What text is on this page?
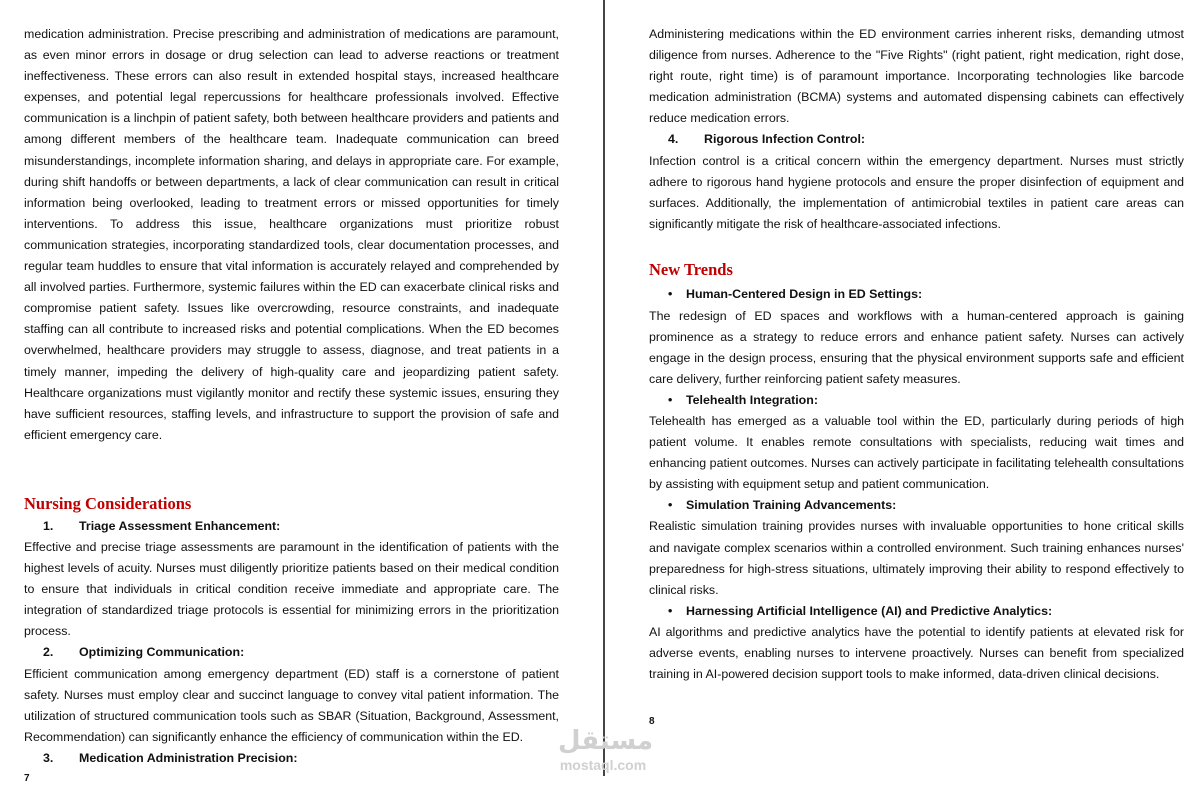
medication administration. Precise prescribing and administration of medications are paramount, as even minor errors in dosage or drug selection can lead to adverse reactions or treatment ineffectiveness. These errors can also result in extended hospital stays, increased healthcare expenses, and potential legal repercussions for healthcare professionals involved. Effective communication is a linchpin of patient safety, both between healthcare providers and patients and among different members of the healthcare team. Inadequate communication can breed misunderstandings, incomplete information sharing, and delays in appropriate care. For example, during shift handoffs or between departments, a lack of clear communication can result in critical information being overlooked, leading to treatment errors or missed opportunities for timely interventions. To address this issue, healthcare organizations must prioritize robust communication strategies, incorporating standardized tools, clear documentation processes, and regular team huddles to ensure that vital information is accurately relayed and comprehended by all involved parties. Furthermore, systemic failures within the ED can exacerbate clinical risks and compromise patient safety. Issues like overcrowding, resource constraints, and inadequate staffing can all contribute to increased risks and potential complications. When the ED becomes overwhelmed, healthcare providers may struggle to assess, diagnose, and treat patients in a timely manner, impeding the delivery of high-quality care and jeopardizing patient safety. Healthcare organizations must vigilantly monitor and rectify these systemic issues, ensuring they have sufficient resources, staffing levels, and infrastructure to support the provision of safe and efficient emergency care.

Nursing Considerations
1. Triage Assessment Enhancement:

Effective and precise triage assessments are paramount in the identification of patients with the highest levels of acuity. Nurses must diligently prioritize patients based on their medical condition to ensure that individuals in critical condition receive immediate and appropriate care. The integration of standardized triage protocols is essential for minimizing errors in the prioritization process.

2. Optimizing Communication:

Efficient communication among emergency department (ED) staff is a cornerstone of patient safety. Nurses must employ clear and succinct language to convey vital patient information. The utilization of structured communication tools such as SBAR (Situation, Background, Assessment, Recommendation) can significantly enhance the efficiency of communication within the ED.

3. Medication Administration Precision:
7

Administering medications within the ED environment carries inherent risks, demanding utmost diligence from nurses. Adherence to the "Five Rights" (right patient, right medication, right dose, right route, right time) is of paramount importance. Incorporating technologies like barcode medication administration (BCMA) systems and automated dispensing cabinets can effectively reduce medication errors.

4. Rigorous Infection Control:

Infection control is a critical concern within the emergency department. Nurses must strictly adhere to rigorous hand hygiene protocols and ensure the proper disinfection of equipment and surfaces. Additionally, the implementation of antimicrobial textiles in patient care areas can significantly mitigate the risk of healthcare-associated infections.

New Trends
• Human-Centered Design in ED Settings:

The redesign of ED spaces and workflows with a human-centered approach is gaining prominence as a strategy to reduce errors and enhance patient safety. Nurses can actively engage in the design process, ensuring that the physical environment supports safe and efficient care delivery, further reinforcing patient safety measures.

• Telehealth Integration:

Telehealth has emerged as a valuable tool within the ED, particularly during periods of high patient volume. It enables remote consultations with specialists, reducing wait times and enhancing patient outcomes. Nurses can actively participate in facilitating telehealth consultations by assisting with equipment setup and patient communication.

• Simulation Training Advancements:

Realistic simulation training provides nurses with invaluable opportunities to hone critical skills and navigate complex scenarios within a controlled environment. Such training enhances nurses' preparedness for high-stress situations, ultimately improving their ability to respond effectively to clinical risks.

• Harnessing Artificial Intelligence (AI) and Predictive Analytics:

AI algorithms and predictive analytics have the potential to identify patients at elevated risk for adverse events, enabling nurses to intervene proactively. Nurses can benefit from specialized training in AI-powered decision support tools to make informed, data-driven clinical decisions.

8
مستقل
mostaql.com
